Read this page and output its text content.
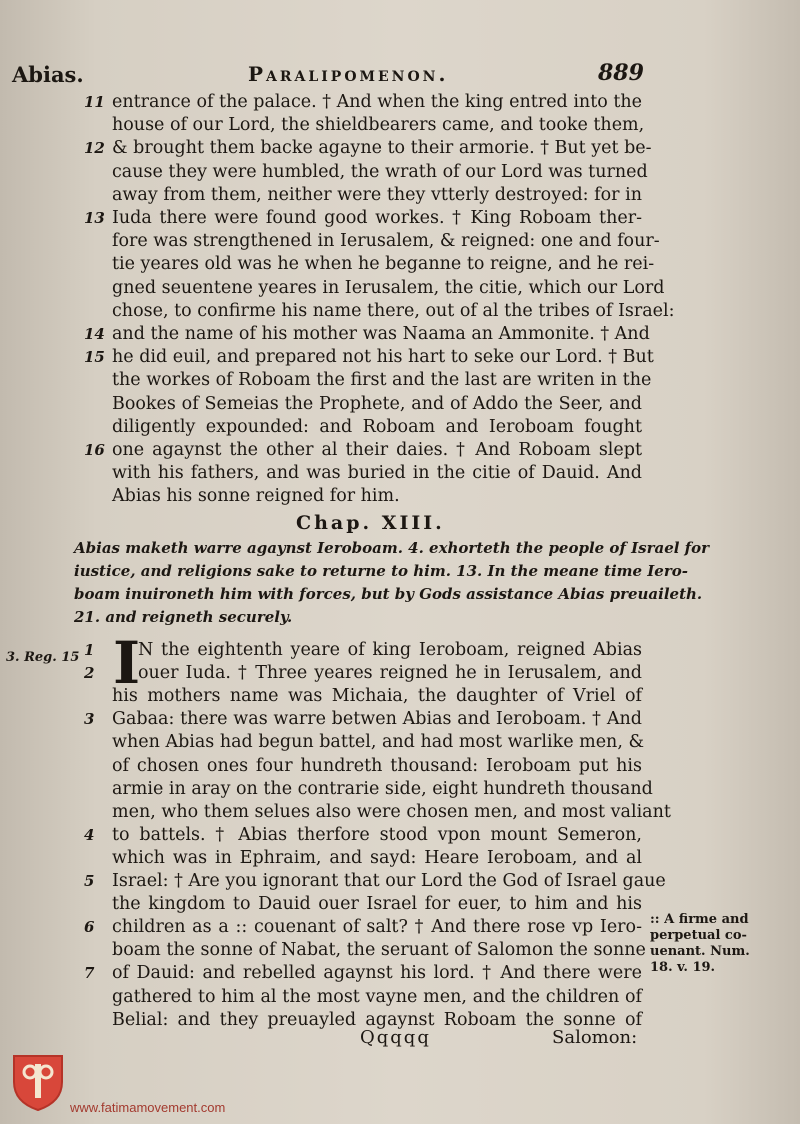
Abias.	Paralipomenon.	889
entrance of the palace. † And when the king entred into the
11
house of our Lord, the shieldbearers came, and tooke them,
& brought them backe agayne to their armorie. † But yet be-
12
cause they were humbled, the wrath of our Lord was turned
away from them, neither were they vtterly destroyed: for in
Iuda there were found good workes. † King Roboam ther-
13
fore was strengthened in Ierusalem, & reigned: one and four-
tie yeares old was he when he beganne to reigne, and he rei-
gned seuentene yeares in Ierusalem, the citie, which our Lord
chose, to confirme his name there, out of al the tribes of Israel:
and the name of his mother was Naama an Ammonite. † And
14
he did euil, and prepared not his hart to seke our Lord. † But
15
the workes of Roboam the first and the last are writen in the
Bookes of Semeias the Prophete, and of Addo the Seer, and
diligently expounded: and Roboam and Ieroboam fought
one agaynst the other al their daies. † And Roboam slept
16
with his fathers, and was buried in the citie of Dauid. And
Abias his sonne reigned for him.
Chap. XIII.
Abias maketh warre agaynst Ieroboam. 4. exhorteth the people of Israel for
iustice, and religions sake to returne to him. 13. In the meane time Iero-
boam inuironeth him with forces, but by Gods assistance Abias preuaileth.
21. and reigneth securely.
3. Reg. 15 I
N the eightenth yeare of king Ieroboam, reigned Abias
1
ouer Iuda. † Three yeares reigned he in Ierusalem, and
2
his mothers name was Michaia, the daughter of Vriel of
Gabaa: there was warre betwen Abias and Ieroboam. † And
3
when Abias had begun battel, and had most warlike men, &
of chosen ones four hundreth thousand: Ieroboam put his
armie in aray on the contrarie side, eight hundreth thousand
men, who them selues also were chosen men, and most valiant
to battels. † Abias therfore stood vpon mount Semeron,
4
which was in Ephraim, and sayd: Heare Ieroboam, and al
Israel: † Are you ignorant that our Lord the God of Israel gaue
5
the kingdom to Dauid ouer Israel for euer, to him and his
children as a :: couenant of salt? † And there rose vp Iero-
6
boam the sonne of Nabat, the seruant of Salomon the sonne
of Dauid: and rebelled agaynst his lord. † And there were
7
gathered to him al the most vayne men, and the children of
Belial: and they preuayled agaynst Roboam the sonne of
:: A firme and
perpetual co-
uenant. Num.
18. v. 19.
Qqqqq	Salomon:
www.fatimamovement.com
